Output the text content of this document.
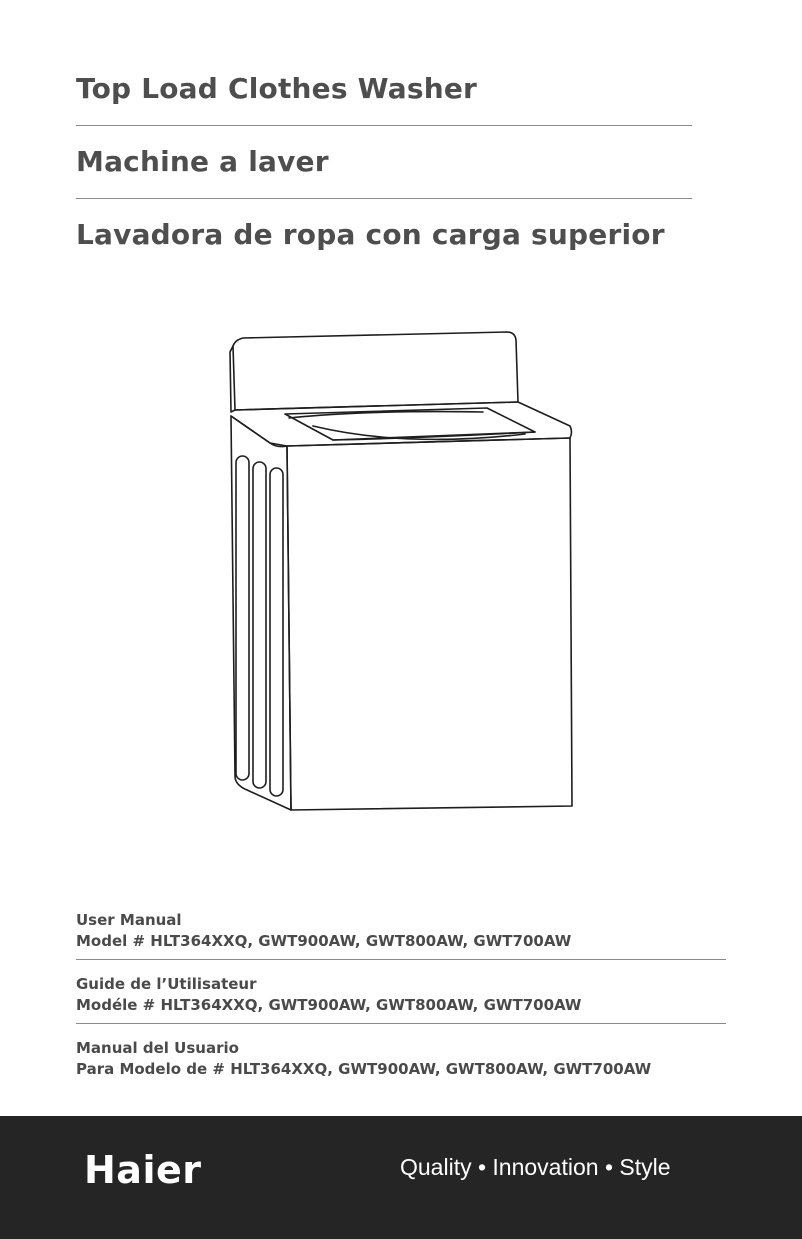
Top Load Clothes Washer
Machine a laver
Lavadora de ropa con carga superior
User Manual
Model # HLT364XXQ, GWT900AW, GWT800AW, GWT700AW
Guide de l’Utilisateur
Modéle # HLT364XXQ, GWT900AW, GWT800AW, GWT700AW
Manual del Usuario
Para Modelo de # HLT364XXQ, GWT900AW, GWT800AW, GWT700AW
Haier	Quality • Innovation • Style
